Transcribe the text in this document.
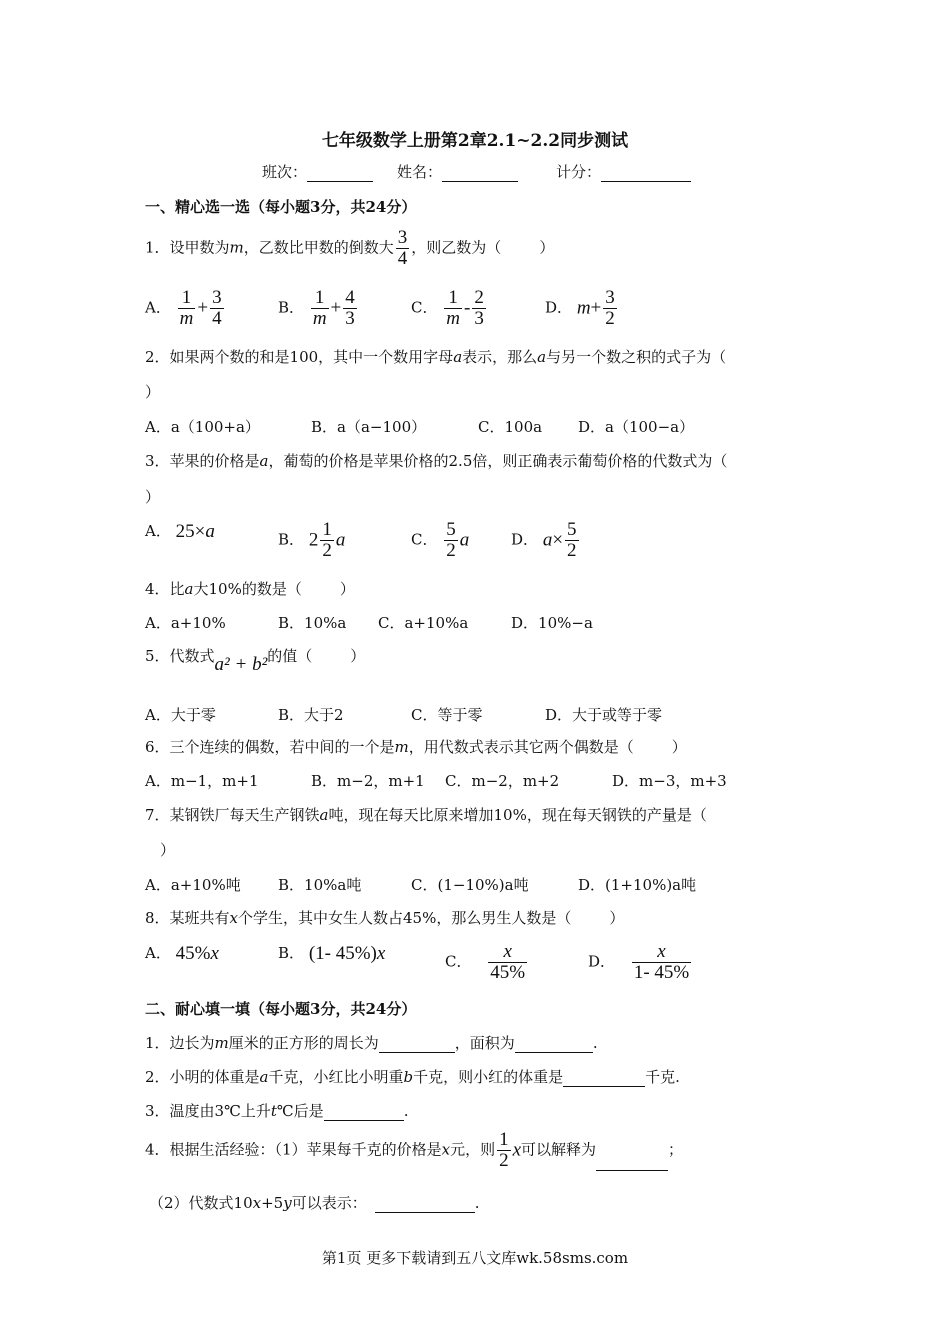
七年级数学上册第2章2.1~2.2同步测试
班次：	姓名：	计分：
一、精心选一选（每小题3分，共24分）
1．设甲数为m，乙数比甲数的倒数大 $\frac{3}{4}$ ，则乙数为（	）
A． $\frac{1}{m} + \frac{3}{4}$	B． $\frac{1}{m} + \frac{4}{3}$	C． $\frac{1}{m} - \frac{2}{3}$	D． $m+ \frac{3}{2}$
2．如果两个数的和是100，其中一个数用字母a表示，那么a与另一个数之积的式子为（
）
A．a（100+a）	B．a（a−100）	C．100a D．a（100−a）
3．苹果的价格是a，葡萄的价格是苹果价格的2.5倍，则正确表示葡萄价格的代数式为（
）
A． 25×a	B． $2 \frac{1}{2}$ a	C． $\frac{5}{2}$ a	D． $a\times \frac{5}{2}$
4．比a大10%的数是（	）
A．a+10%	B．10%a C．a+10%a	D．10%−a
5．代数式a² + b²的值（	）
A．大于零	B．大于2	C．等于零	D．大于或等于零
6．三个连续的偶数，若中间的一个是m，用代数式表示其它两个偶数是（	）
A．m−1，m+1	B．m−2，m+1 C．m−2，m+2	D．m−3，m+3
7．某钢铁厂每天生产钢铁a吨，现在每天比原来增加10%，现在每天钢铁的产量是（
）
A．a+10%吨 B．10%a吨	C．(1−10%)a吨	D．(1+10%)a吨
8．某班共有x个学生，其中女生人数占45%，那么男生人数是（	）
A． 45%x	B． (1- 45%)x	C． $\frac{x}{45\%}$	D． $\frac{x}{1- 45\%}$
二、耐心填一填（每小题3分，共24分）
1．边长为m厘米的正方形的周长为	，面积为	.
2．小明的体重是a千克，小红比小明重b千克，则小红的体重是	千克.
3．温度由3℃上升t℃后是	.
4．根据生活经验：（1）苹果每千克的价格是x元，则 $\frac{1}{2}$ x可以解释为	；
（2）代数式10x+5y可以表示：	.
第1页 更多下载请到五八文库wk.58sms.com
